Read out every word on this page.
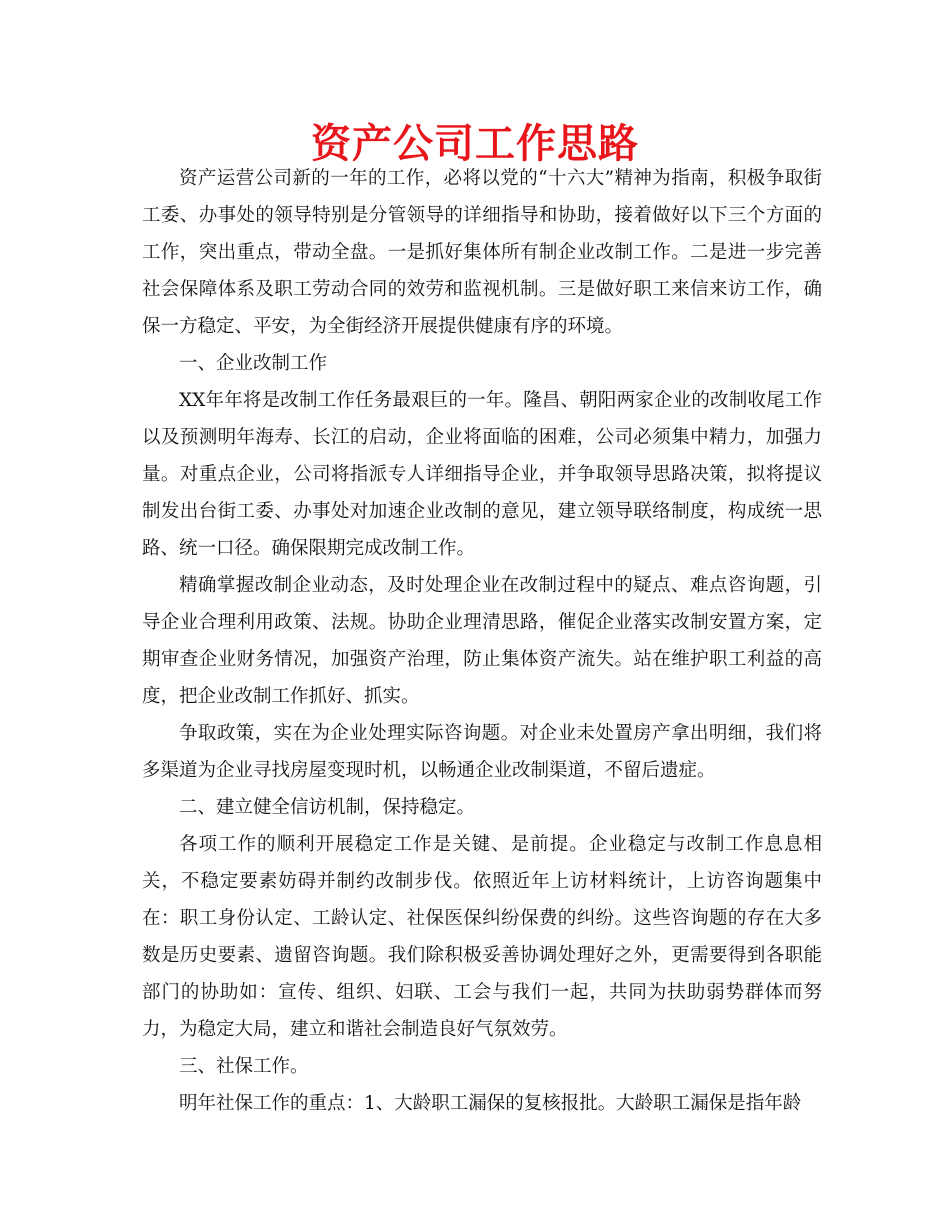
资产公司工作思路

资产运营公司新的一年的工作，必将以党的“十六大”精神为指南，积极争取街工委、办事处的领导特别是分管领导的详细指导和协助，接着做好以下三个方面的工作，突出重点，带动全盘。一是抓好集体所有制企业改制工作。二是进一步完善社会保障体系及职工劳动合同的效劳和监视机制。三是做好职工来信来访工作，确保一方稳定、平安，为全街经济开展提供健康有序的环境。

一、企业改制工作

XX年年将是改制工作任务最艰巨的一年。隆昌、朝阳两家企业的改制收尾工作以及预测明年海寿、长江的启动，企业将面临的困难，公司必须集中精力，加强力量。对重点企业，公司将指派专人详细指导企业，并争取领导思路决策，拟将提议制发出台街工委、办事处对加速企业改制的意见，建立领导联络制度，构成统一思路、统一口径。确保限期完成改制工作。

精确掌握改制企业动态，及时处理企业在改制过程中的疑点、难点咨询题，引导企业合理利用政策、法规。协助企业理清思路，催促企业落实改制安置方案，定期审查企业财务情况，加强资产治理，防止集体资产流失。站在维护职工利益的高度，把企业改制工作抓好、抓实。

争取政策，实在为企业处理实际咨询题。对企业未处置房产拿出明细，我们将多渠道为企业寻找房屋变现时机，以畅通企业改制渠道，不留后遗症。

二、建立健全信访机制，保持稳定。

各项工作的顺利开展稳定工作是关键、是前提。企业稳定与改制工作息息相关，不稳定要素妨碍并制约改制步伐。依照近年上访材料统计，上访咨询题集中在：职工身份认定、工龄认定、社保医保纠纷保费的纠纷。这些咨询题的存在大多数是历史要素、遗留咨询题。我们除积极妥善协调处理好之外，更需要得到各职能部门的协助如：宣传、组织、妇联、工会与我们一起，共同为扶助弱势群体而努力，为稳定大局，建立和谐社会制造良好气氛效劳。

三、社保工作。

明年社保工作的重点：1、大龄职工漏保的复核报批。大龄职工漏保是指年龄
